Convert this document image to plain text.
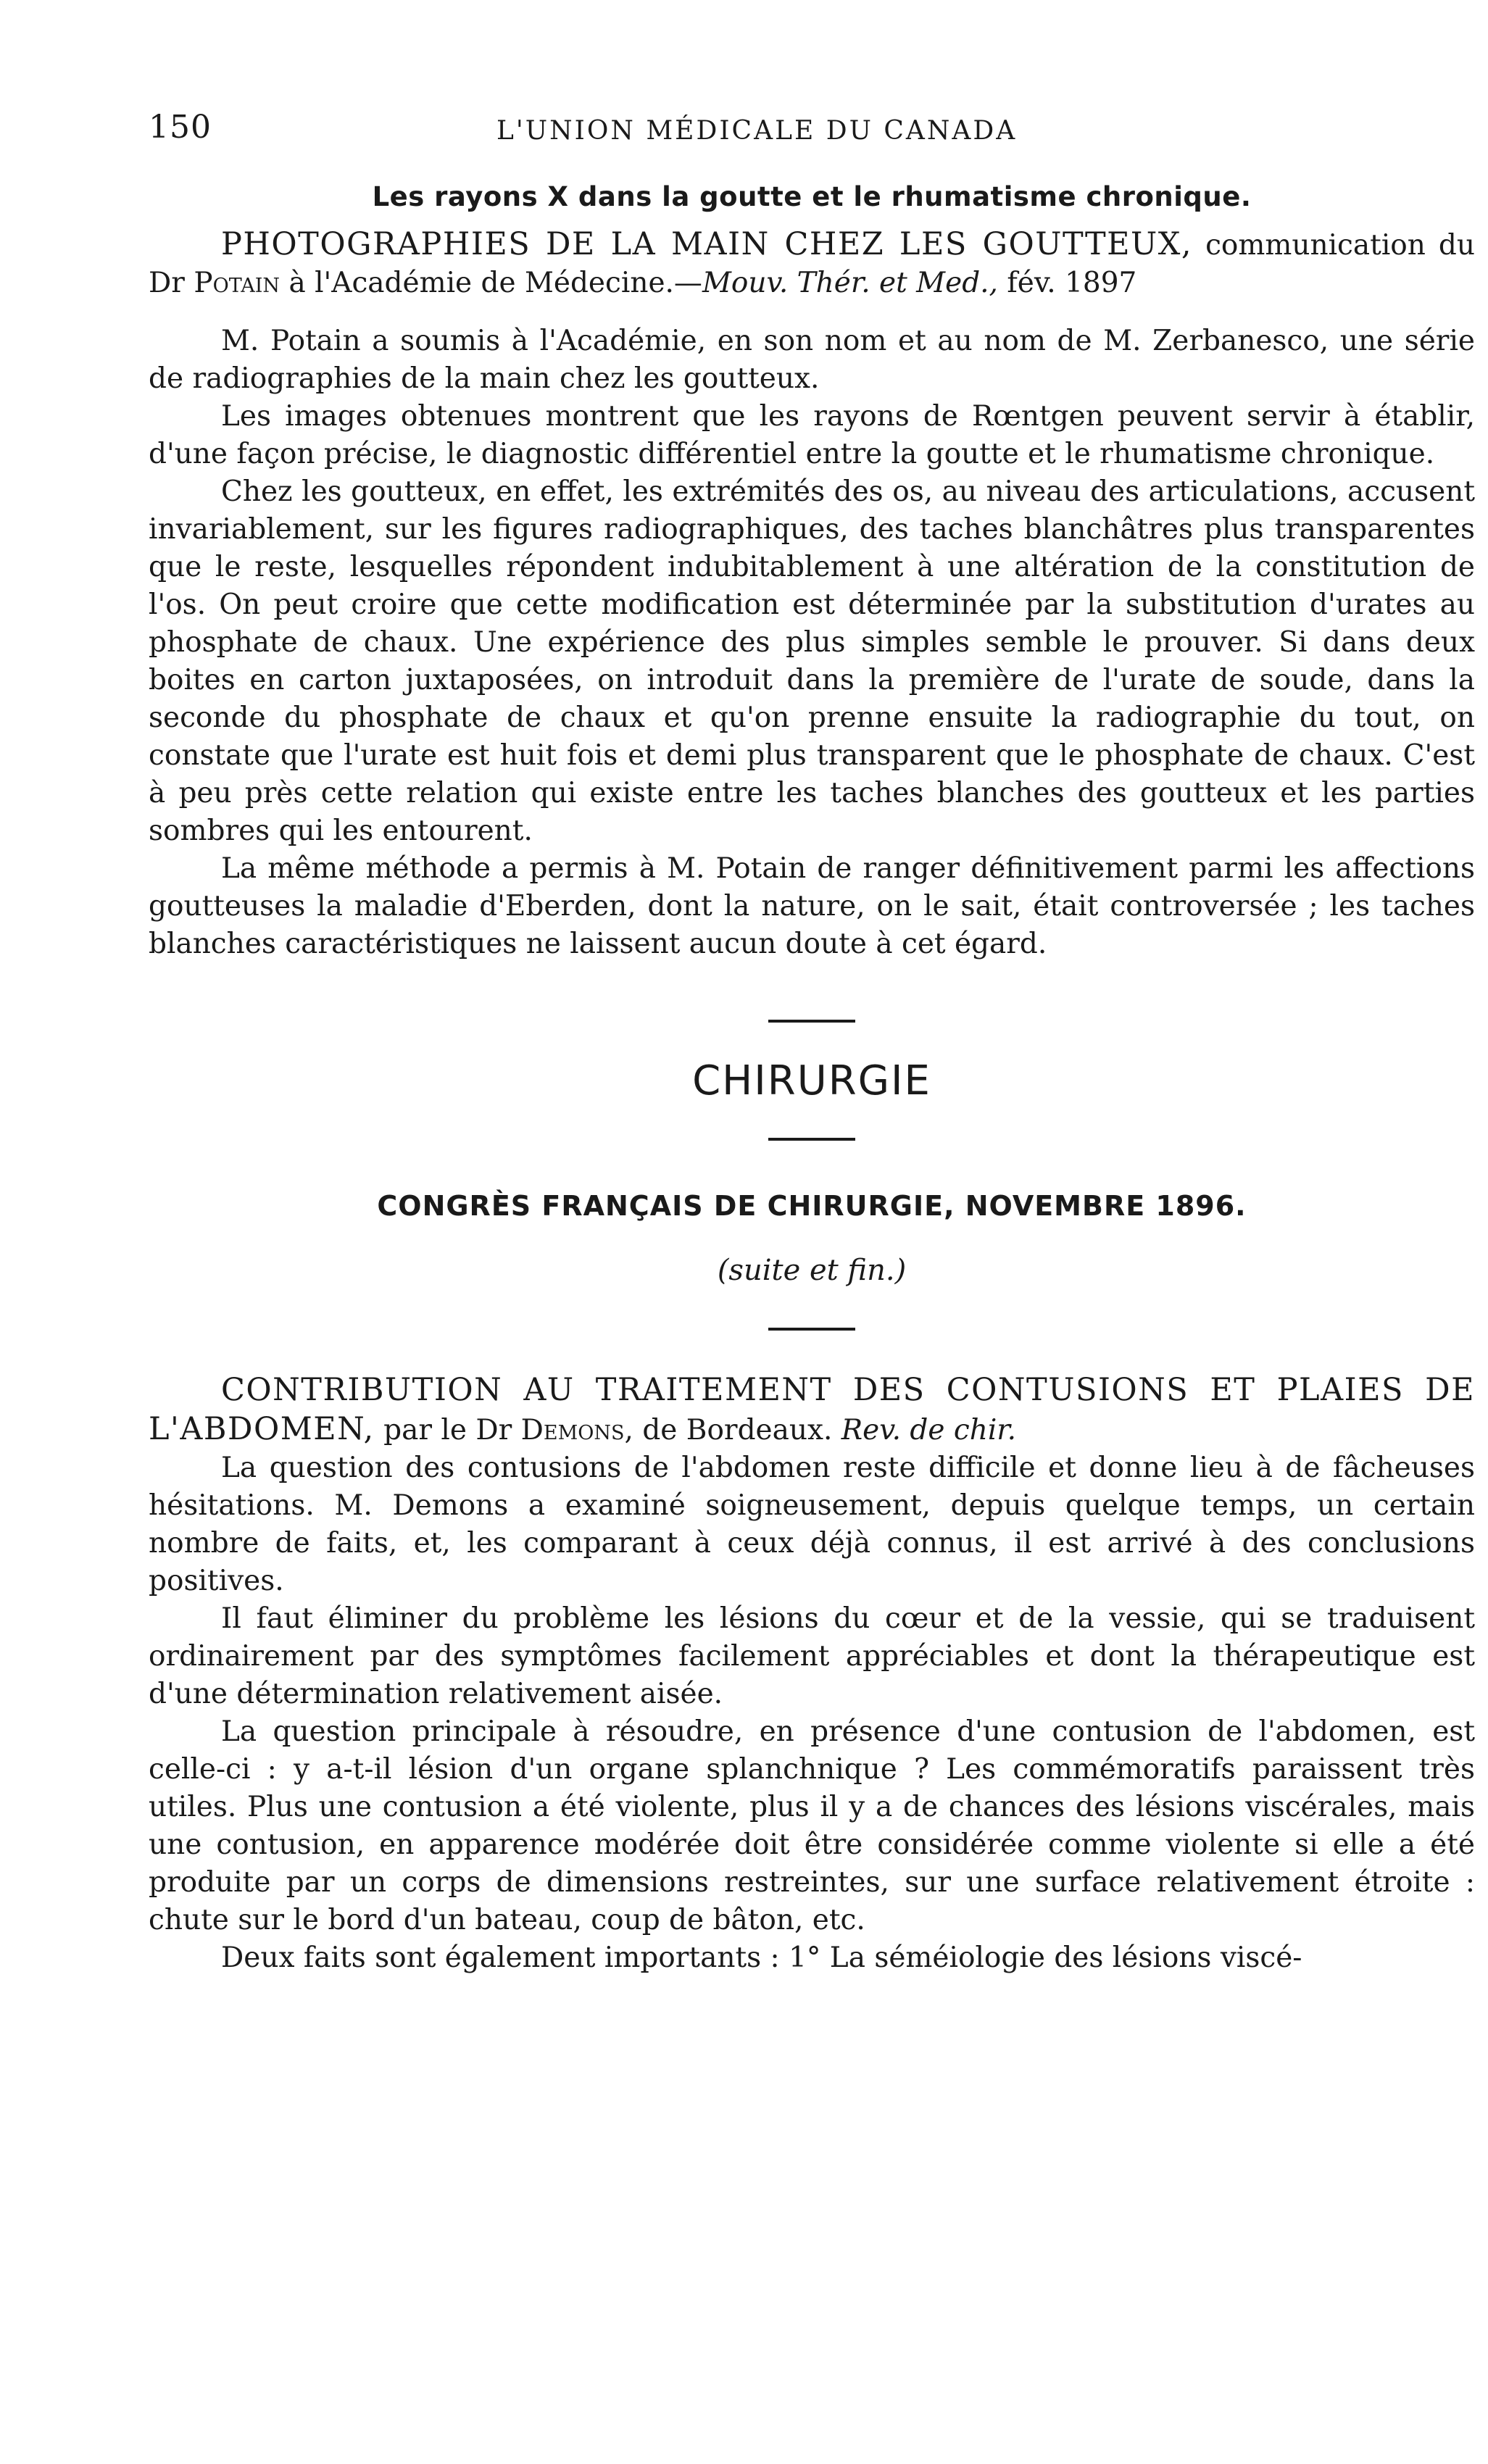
150	L'UNION MÉDICALE DU CANADA
Les rayons X dans la goutte et le rhumatisme chronique.

PHOTOGRAPHIES DE LA MAIN CHEZ LES GOUTTEUX, communication du Dr Potain à l'Académie de Médecine.—Mouv. Thér. et Med., fév. 1897

M. Potain a soumis à l'Académie, en son nom et au nom de M. Zerbanesco, une série de radiographies de la main chez les goutteux.

Les images obtenues montrent que les rayons de Rœntgen peuvent servir à établir, d'une façon précise, le diagnostic différentiel entre la goutte et le rhumatisme chronique.

Chez les goutteux, en effet, les extrémités des os, au niveau des articulations, accusent invariablement, sur les figures radiographiques, des taches blanchâtres plus transparentes que le reste, lesquelles répondent indubitablement à une altération de la constitution de l'os. On peut croire que cette modification est déterminée par la substitution d'urates au phosphate de chaux. Une expérience des plus simples semble le prouver. Si dans deux boites en carton juxtaposées, on introduit dans la première de l'urate de soude, dans la seconde du phosphate de chaux et qu'on prenne ensuite la radiographie du tout, on constate que l'urate est huit fois et demi plus transparent que le phosphate de chaux. C'est à peu près cette relation qui existe entre les taches blanches des goutteux et les parties sombres qui les entourent.

La même méthode a permis à M. Potain de ranger définitivement parmi les affections goutteuses la maladie d'Eberden, dont la nature, on le sait, était controversée ; les taches blanches caractéristiques ne laissent aucun doute à cet égard.

CHIRURGIE
CONGRÈS FRANÇAIS DE CHIRURGIE, NOVEMBRE 1896.
(suite et fin.)

CONTRIBUTION AU TRAITEMENT DES CONTUSIONS ET PLAIES DE L'ABDOMEN, par le Dr Demons, de Bordeaux. Rev. de chir.

La question des contusions de l'abdomen reste difficile et donne lieu à de fâcheuses hésitations. M. Demons a examiné soigneusement, depuis quelque temps, un certain nombre de faits, et, les comparant à ceux déjà connus, il est arrivé à des conclusions positives.

Il faut éliminer du problème les lésions du cœur et de la vessie, qui se traduisent ordinairement par des symptômes facilement appréciables et dont la thérapeutique est d'une détermination relativement aisée.

La question principale à résoudre, en présence d'une contusion de l'abdomen, est celle-ci : y a-t-il lésion d'un organe splanchnique ? Les commémoratifs paraissent très utiles. Plus une contusion a été violente, plus il y a de chances des lésions viscérales, mais une contusion, en apparence modérée doit être considérée comme violente si elle a été produite par un corps de dimensions restreintes, sur une surface relativement étroite : chute sur le bord d'un bateau, coup de bâton, etc.

Deux faits sont également importants : 1° La séméiologie des lésions viscé-
